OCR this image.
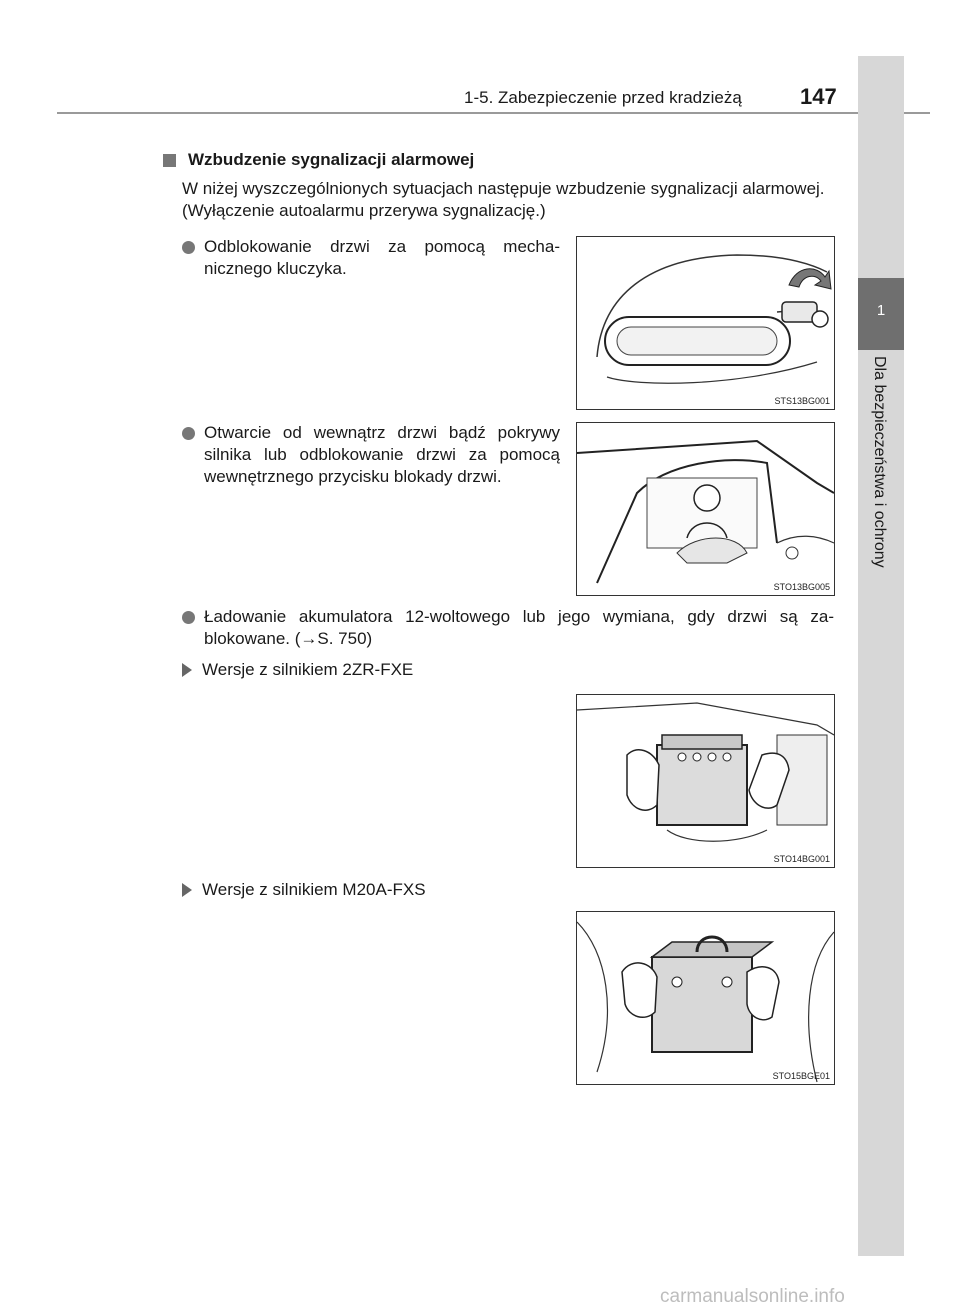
1-5. Zabezpieczenie przed kradzieżą	147
1
Dla bezpieczeństwa i ochrony
Wzbudzenie sygnalizacji alarmowej
W niżej wyszczególnionych sytuacjach następuje wzbudzenie sygnalizacji alarmowej.
(Wyłączenie autoalarmu przerywa sygnalizację.)
Odblokowanie drzwi za pomocą mecha-nicznego kluczyka.
STS13BG001
Otwarcie od wewnątrz drzwi bądź pokrywy silnika lub odblokowanie drzwi za pomocą wewnętrznego przycisku blokady drzwi.
STO13BG005
Ładowanie akumulatora 12-woltowego lub jego wymiana, gdy drzwi są za-blokowane. (→S. 750)
Wersje z silnikiem 2ZR-FXE
STO14BG001
Wersje z silnikiem M20A-FXS
STO15BGE01
carmanualsonline.info
